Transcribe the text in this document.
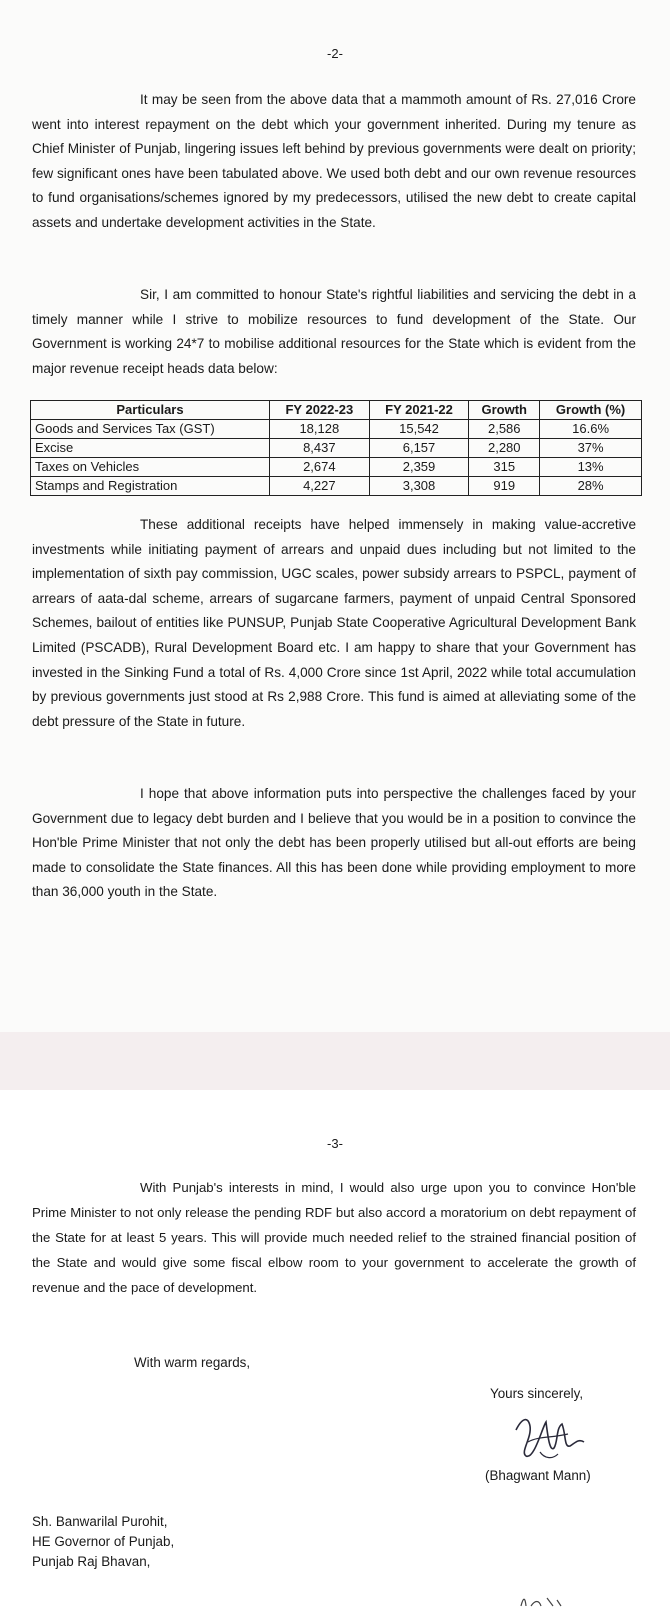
-2-

It may be seen from the above data that a mammoth amount of Rs. 27,016 Crore went into interest repayment on the debt which your government inherited. During my tenure as Chief Minister of Punjab, lingering issues left behind by previous governments were dealt on priority; few significant ones have been tabulated above. We used both debt and our own revenue resources to fund organisations/schemes ignored by my predecessors, utilised the new debt to create capital assets and undertake development activities in the State.

Sir, I am committed to honour State's rightful liabilities and servicing the debt in a timely manner while I strive to mobilize resources to fund development of the State. Our Government is working 24*7 to mobilise additional resources for the State which is evident from the major revenue receipt heads data below:

Particulars	FY 2022-23	FY 2021-22	Growth	Growth (%)
Goods and Services Tax (GST)	18,128	15,542	2,586	16.6%
Excise	8,437	6,157	2,280	37%
Taxes on Vehicles	2,674	2,359	315	13%
Stamps and Registration	4,227	3,308	919	28%

These additional receipts have helped immensely in making value-accretive investments while initiating payment of arrears and unpaid dues including but not limited to the implementation of sixth pay commission, UGC scales, power subsidy arrears to PSPCL, payment of arrears of aata-dal scheme, arrears of sugarcane farmers, payment of unpaid Central Sponsored Schemes, bailout of entities like PUNSUP, Punjab State Cooperative Agricultural Development Bank Limited (PSCADB), Rural Development Board etc. I am happy to share that your Government has invested in the Sinking Fund a total of Rs. 4,000 Crore since 1st April, 2022 while total accumulation by previous governments just stood at Rs 2,988 Crore. This fund is aimed at alleviating some of the debt pressure of the State in future.

I hope that above information puts into perspective the challenges faced by your Government due to legacy debt burden and I believe that you would be in a position to convince the Hon'ble Prime Minister that not only the debt has been properly utilised but all-out efforts are being made to consolidate the State finances. All this has been done while providing employment to more than 36,000 youth in the State.

-3-

With Punjab's interests in mind, I would also urge upon you to convince Hon'ble Prime Minister to not only release the pending RDF but also accord a moratorium on debt repayment of the State for at least 5 years. This will provide much needed relief to the strained financial position of the State and would give some fiscal elbow room to your government to accelerate the growth of revenue and the pace of development.

With warm regards,
Yours sincerely,
(Bhagwant Mann)
Sh. Banwarilal Purohit,
HE Governor of Punjab,
Punjab Raj Bhavan,
